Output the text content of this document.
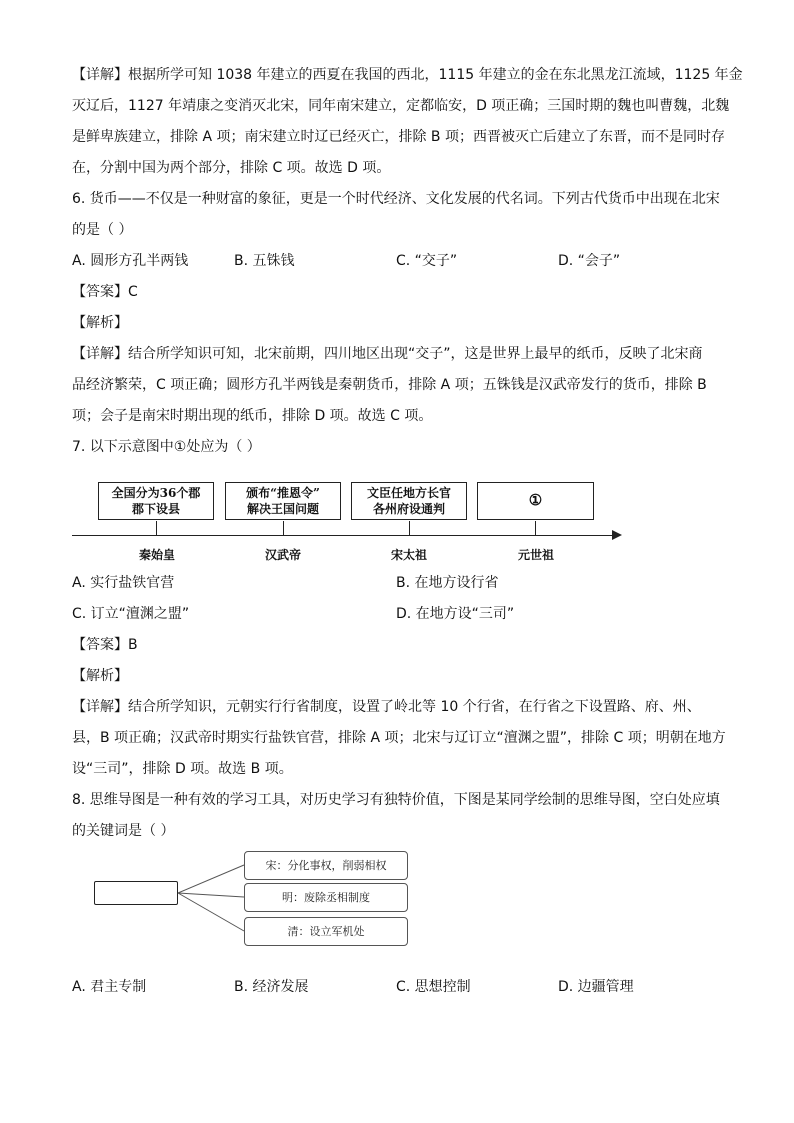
【详解】根据所学可知 1038 年建立的西夏在我国的西北，1115 年建立的金在东北黑龙江流域，1125 年金
灭辽后，1127 年靖康之变消灭北宋，同年南宋建立，定都临安，D 项正确；三国时期的魏也叫曹魏，北魏
是鲜卑族建立，排除 A 项；南宋建立时辽已经灭亡，排除 B 项；西晋被灭亡后建立了东晋，而不是同时存
在，分割中国为两个部分，排除 C 项。故选 D 项。
6. 货币——不仅是一种财富的象征，更是一个时代经济、文化发展的代名词。下列古代货币中出现在北宋
的是（ ）
A. 圆形方孔半两钱	B. 五铢钱	C. “交子”	D. “会子”
【答案】C
【解析】
【详解】结合所学知识可知，北宋前期，四川地区出现“交子”，这是世界上最早的纸币，反映了北宋商
品经济繁荣，C 项正确；圆形方孔半两钱是秦朝货币，排除 A 项；五铢钱是汉武帝发行的货币，排除 B
项；会子是南宋时期出现的纸币，排除 D 项。故选 C 项。
7. 以下示意图中①处应为（ ）
全国分为36个郡
郡下设县
颁布“推恩令”
解决王国问题
文臣任地方长官
各州府设通判	①
秦始皇	汉武帝	宋太祖	元世祖
A. 实行盐铁官营	B. 在地方设行省
C. 订立“澶渊之盟”	D. 在地方设“三司”
【答案】B
【解析】
【详解】结合所学知识，元朝实行行省制度，设置了岭北等 10 个行省，在行省之下设置路、府、州、
县，B 项正确；汉武帝时期实行盐铁官营，排除 A 项；北宋与辽订立“澶渊之盟”，排除 C 项；明朝在地方
设“三司”，排除 D 项。故选 B 项。
8. 思维导图是一种有效的学习工具，对历史学习有独特价值，下图是某同学绘制的思维导图，空白处应填
的关键词是（ ）
宋：分化事权，削弱相权
明：废除丞相制度
清：设立军机处
A. 君主专制	B. 经济发展	C. 思想控制	D. 边疆管理
